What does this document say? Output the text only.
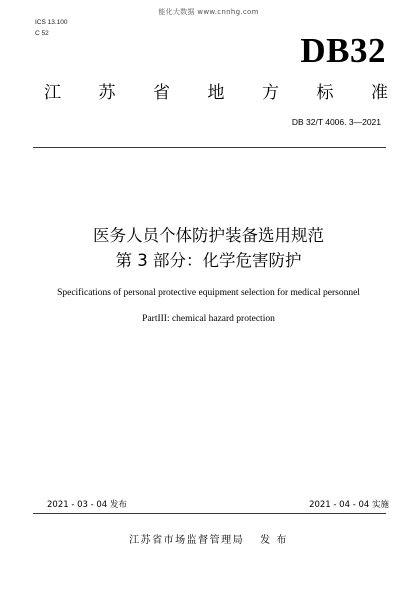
能化大数据 www.cnnhg.com
ICS 13.100
C 52	DB32
江 苏 省 地 方 标 准
DB 32/T 4006. 3—2021
医务人员个体防护装备选用规范
第 3 部分：化学危害防护
Specifications of personal protective equipment selection for medical personnel
PartIII: chemical hazard protection
2021 - 03 - 04 发布	2021 - 04 - 04 实施
江苏省市场监督管理局 发 布
